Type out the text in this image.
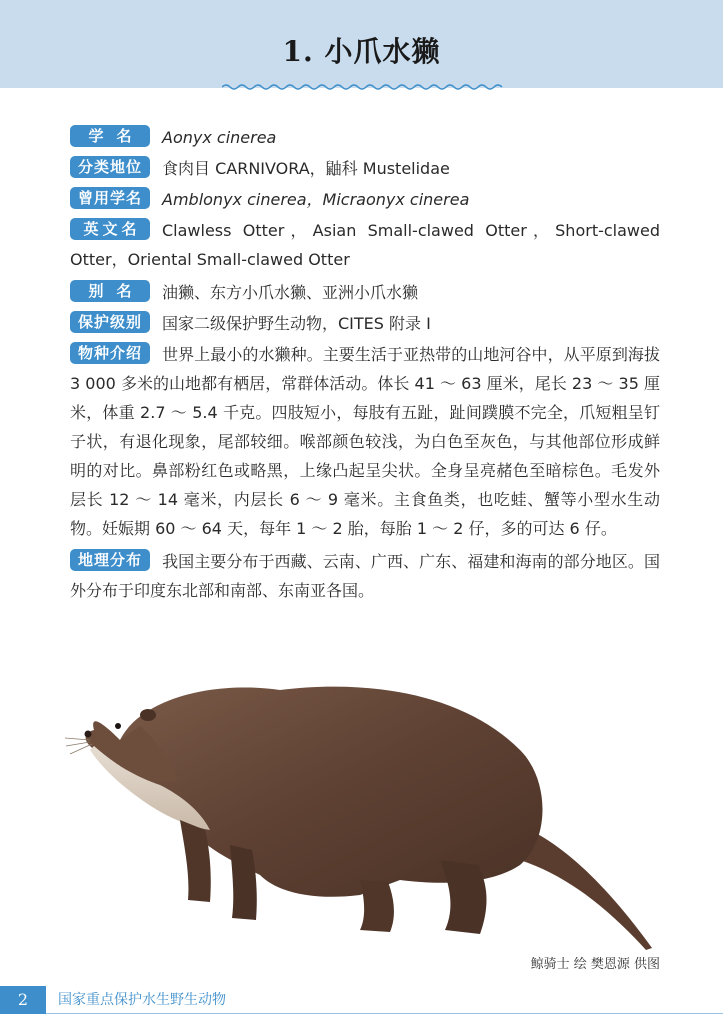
1. 小爪水獭
学名 Aonyx cinerea
分类地位 食肉目 CARNIVORA，鼬科 Mustelidae
曾用学名 Amblonyx cinerea，Micraonyx cinerea
英文名 Clawless Otter，Asian Small-clawed Otter，Short-clawed Otter，Oriental Small-clawed Otter
别名 油獭、东方小爪水獭、亚洲小爪水獭
保护级别 国家二级保护野生动物，CITES 附录 I
物种介绍 世界上最小的水獭种。主要生活于亚热带的山地河谷中，从平原到海拔 3 000 多米的山地都有栖居，常群体活动。体长 41 ～ 63 厘米，尾长 23 ～ 35 厘米，体重 2.7 ～ 5.4 千克。四肢短小，每肢有五趾，趾间蹼膜不完全，爪短粗呈钉子状，有退化现象，尾部较细。喉部颜色较浅，为白色至灰色，与其他部位形成鲜明的对比。鼻部粉红色或略黑，上缘凸起呈尖状。全身呈亮赭色至暗棕色。毛发外层长 12 ～ 14 毫米，内层长 6 ～ 9 毫米。主食鱼类，也吃蛙、蟹等小型水生动物。妊娠期 60 ～ 64 天，每年 1 ～ 2 胎，每胎 1 ～ 2 仔，多的可达 6 仔。
地理分布 我国主要分布于西藏、云南、广西、广东、福建和海南的部分地区。国外分布于印度东北部和南部、东南亚各国。
鲸骑士 绘 樊恩源 供图
2	国家重点保护水生野生动物
